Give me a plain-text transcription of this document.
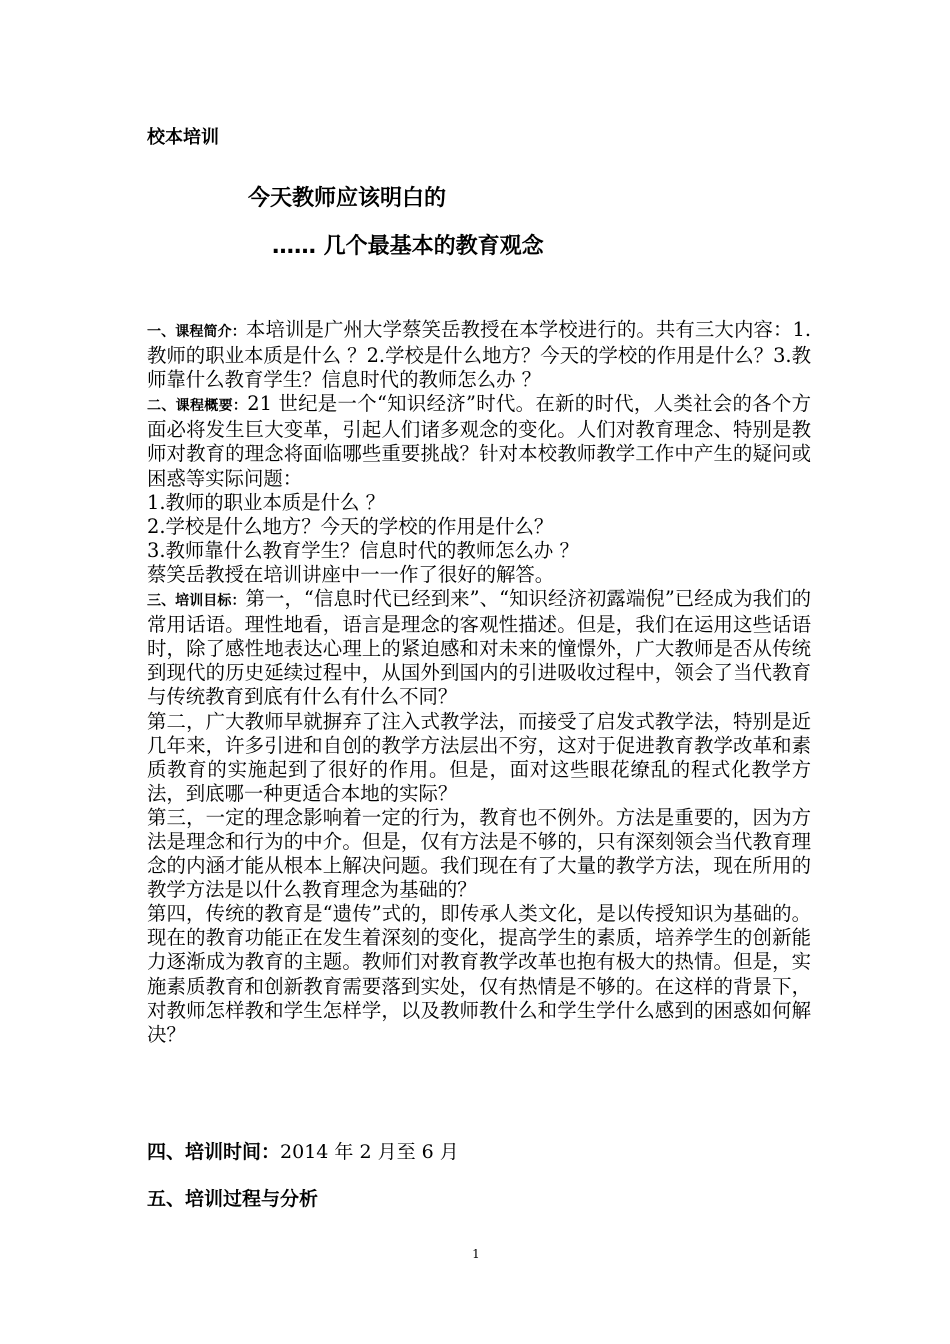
校本培训
今天教师应该明白的
…… 几个最基本的教育观念

一、课程简介：本培训是广州大学蔡笑岳教授在本学校进行的。共有三大内容：1.教师的职业本质是什么 ？2.学校是什么地方？今天的学校的作用是什么？3.教师靠什么教育学生？信息时代的教师怎么办 ？

二、课程概要：21 世纪是一个“知识经济”时代。在新的时代，人类社会的各个方面必将发生巨大变革，引起人们诸多观念的变化。人们对教育理念、特别是教师对教育的理念将面临哪些重要挑战？针对本校教师教学工作中产生的疑问或困惑等实际问题：

1.教师的职业本质是什么 ？

2.学校是什么地方？今天的学校的作用是什么？

3.教师靠什么教育学生？信息时代的教师怎么办 ？

蔡笑岳教授在培训讲座中一一作了很好的解答。

三、培训目标：第一，“信息时代已经到来”、“知识经济初露端倪”已经成为我们的常用话语。理性地看，语言是理念的客观性描述。但是，我们在运用这些话语时，除了感性地表达心理上的紧迫感和对未来的憧憬外，广大教师是否从传统到现代的历史延续过程中，从国外到国内的引进吸收过程中，领会了当代教育与传统教育到底有什么有什么不同？

第二，广大教师早就摒弃了注入式教学法，而接受了启发式教学法，特别是近几年来，许多引进和自创的教学方法层出不穷，这对于促进教育教学改革和素质教育的实施起到了很好的作用。但是，面对这些眼花缭乱的程式化教学方法，到底哪一种更适合本地的实际？

第三，一定的理念影响着一定的行为，教育也不例外。方法是重要的，因为方法是理念和行为的中介。但是，仅有方法是不够的，只有深刻领会当代教育理念的内涵才能从根本上解决问题。我们现在有了大量的教学方法，现在所用的教学方法是以什么教育理念为基础的？

第四，传统的教育是“遗传”式的，即传承人类文化，是以传授知识为基础的。现在的教育功能正在发生着深刻的变化，提高学生的素质，培养学生的创新能力逐渐成为教育的主题。教师们对教育教学改革也抱有极大的热情。但是，实施素质教育和创新教育需要落到实处，仅有热情是不够的。在这样的背景下，对教师怎样教和学生怎样学，以及教师教什么和学生学什么感到的困惑如何解决？

四、培训时间：2014 年 2 月至 6 月
五、培训过程与分析
1
